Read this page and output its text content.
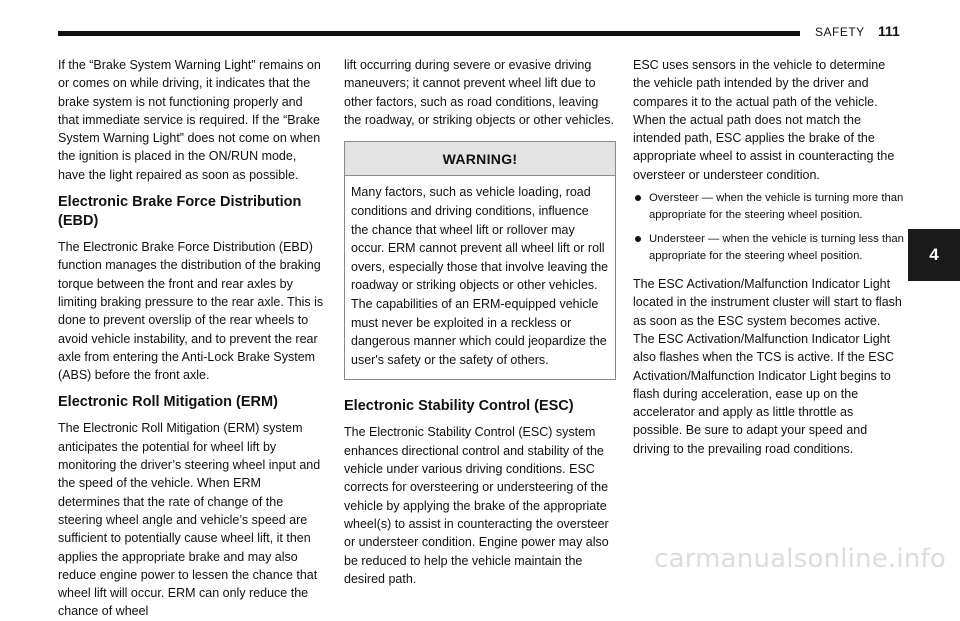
SAFETY 111

If the “Brake System Warning Light” remains on or comes on while driving, it indicates that the brake system is not functioning properly and that immediate service is required. If the “Brake System Warning Light” does not come on when the ignition is placed in the ON/RUN mode, have the light repaired as soon as possible.

Electronic Brake Force Distribution (EBD)

The Electronic Brake Force Distribution (EBD) function manages the distribution of the braking torque between the front and rear axles by limiting braking pressure to the rear axle. This is done to prevent overslip of the rear wheels to avoid vehicle instability, and to prevent the rear axle from entering the Anti-Lock Brake System (ABS) before the front axle.

Electronic Roll Mitigation (ERM)

The Electronic Roll Mitigation (ERM) system anticipates the potential for wheel lift by monitoring the driver’s steering wheel input and the speed of the vehicle. When ERM determines that the rate of change of the steering wheel angle and vehicle’s speed are sufficient to potentially cause wheel lift, it then applies the appropriate brake and may also reduce engine power to lessen the chance that wheel lift will occur. ERM can only reduce the chance of wheel

lift occurring during severe or evasive driving maneuvers; it cannot prevent wheel lift due to other factors, such as road conditions, leaving the roadway, or striking objects or other vehicles.

WARNING!
Many factors, such as vehicle loading, road conditions and driving conditions, influence the chance that wheel lift or rollover may occur. ERM cannot prevent all wheel lift or roll overs, especially those that involve leaving the roadway or striking objects or other vehicles. The capabilities of an ERM-equipped vehicle must never be exploited in a reckless or dangerous manner which could jeopardize the user's safety or the safety of others.
Electronic Stability Control (ESC)

The Electronic Stability Control (ESC) system enhances directional control and stability of the vehicle under various driving conditions. ESC corrects for oversteering or understeering of the vehicle by applying the brake of the appropriate wheel(s) to assist in counteracting the oversteer or understeer condition. Engine power may also be reduced to help the vehicle maintain the desired path.

ESC uses sensors in the vehicle to determine the vehicle path intended by the driver and compares it to the actual path of the vehicle. When the actual path does not match the intended path, ESC applies the brake of the appropriate wheel to assist in counteracting the oversteer or understeer condition.

Oversteer — when the vehicle is turning more than appropriate for the steering wheel position.
Understeer — when the vehicle is turning less than appropriate for the steering wheel position.

The ESC Activation/Malfunction Indicator Light located in the instrument cluster will start to flash as soon as the ESC system becomes active.

The ESC Activation/Malfunction Indicator Light also flashes when the TCS is active. If the ESC Activation/Malfunction Indicator Light begins to flash during acceleration, ease up on the accelerator and apply as little throttle as possible. Be sure to adapt your speed and driving to the prevailing road conditions.

4
carmanualsonline.info
